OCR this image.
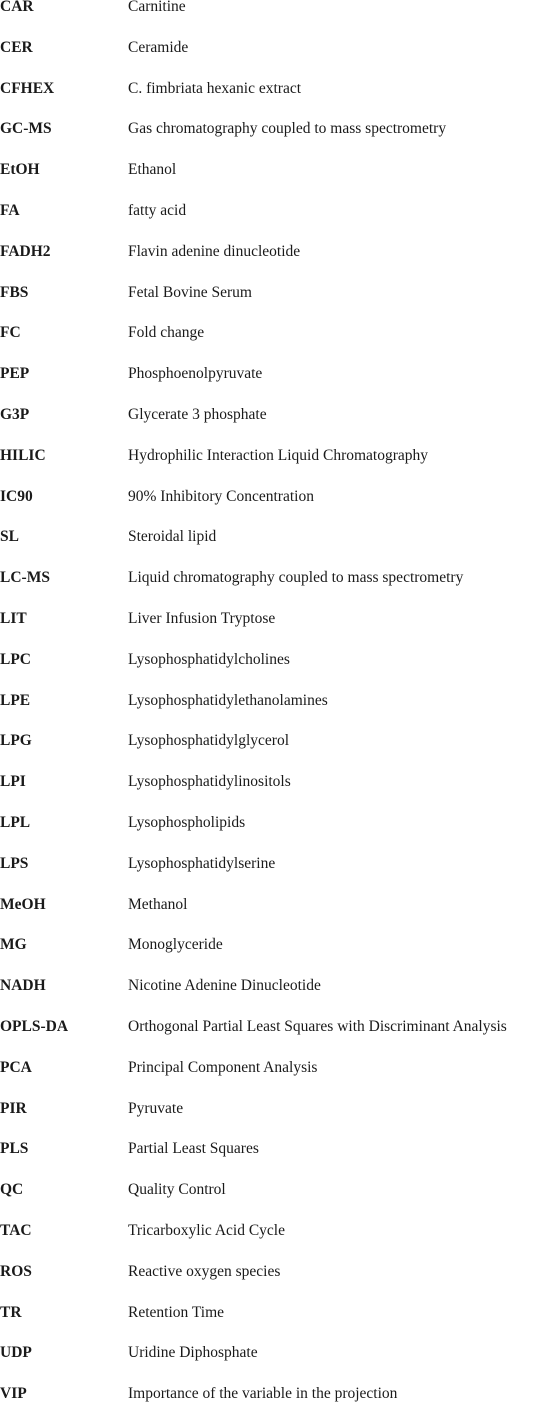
CAR	Carnitine
CER	Ceramide
CFHEX	C. fimbriata hexanic extract
GC-MS	Gas chromatography coupled to mass spectrometry
EtOH	Ethanol
FA	fatty acid
FADH2	Flavin adenine dinucleotide
FBS	Fetal Bovine Serum
FC	Fold change
PEP	Phosphoenolpyruvate
G3P	Glycerate 3 phosphate
HILIC	Hydrophilic Interaction Liquid Chromatography
IC90	90% Inhibitory Concentration
SL	Steroidal lipid
LC-MS	Liquid chromatography coupled to mass spectrometry
LIT	Liver Infusion Tryptose
LPC	Lysophosphatidylcholines
LPE	Lysophosphatidylethanolamines
LPG	Lysophosphatidylglycerol
LPI	Lysophosphatidylinositols
LPL	Lysophospholipids
LPS	Lysophosphatidylserine
MeOH	Methanol
MG	Monoglyceride
NADH	Nicotine Adenine Dinucleotide
OPLS-DA	Orthogonal Partial Least Squares with Discriminant Analysis
PCA	Principal Component Analysis
PIR	Pyruvate
PLS	Partial Least Squares
QC	Quality Control
TAC	Tricarboxylic Acid Cycle
ROS	Reactive oxygen species
TR	Retention Time
UDP	Uridine Diphosphate
VIP	Importance of the variable in the projection
